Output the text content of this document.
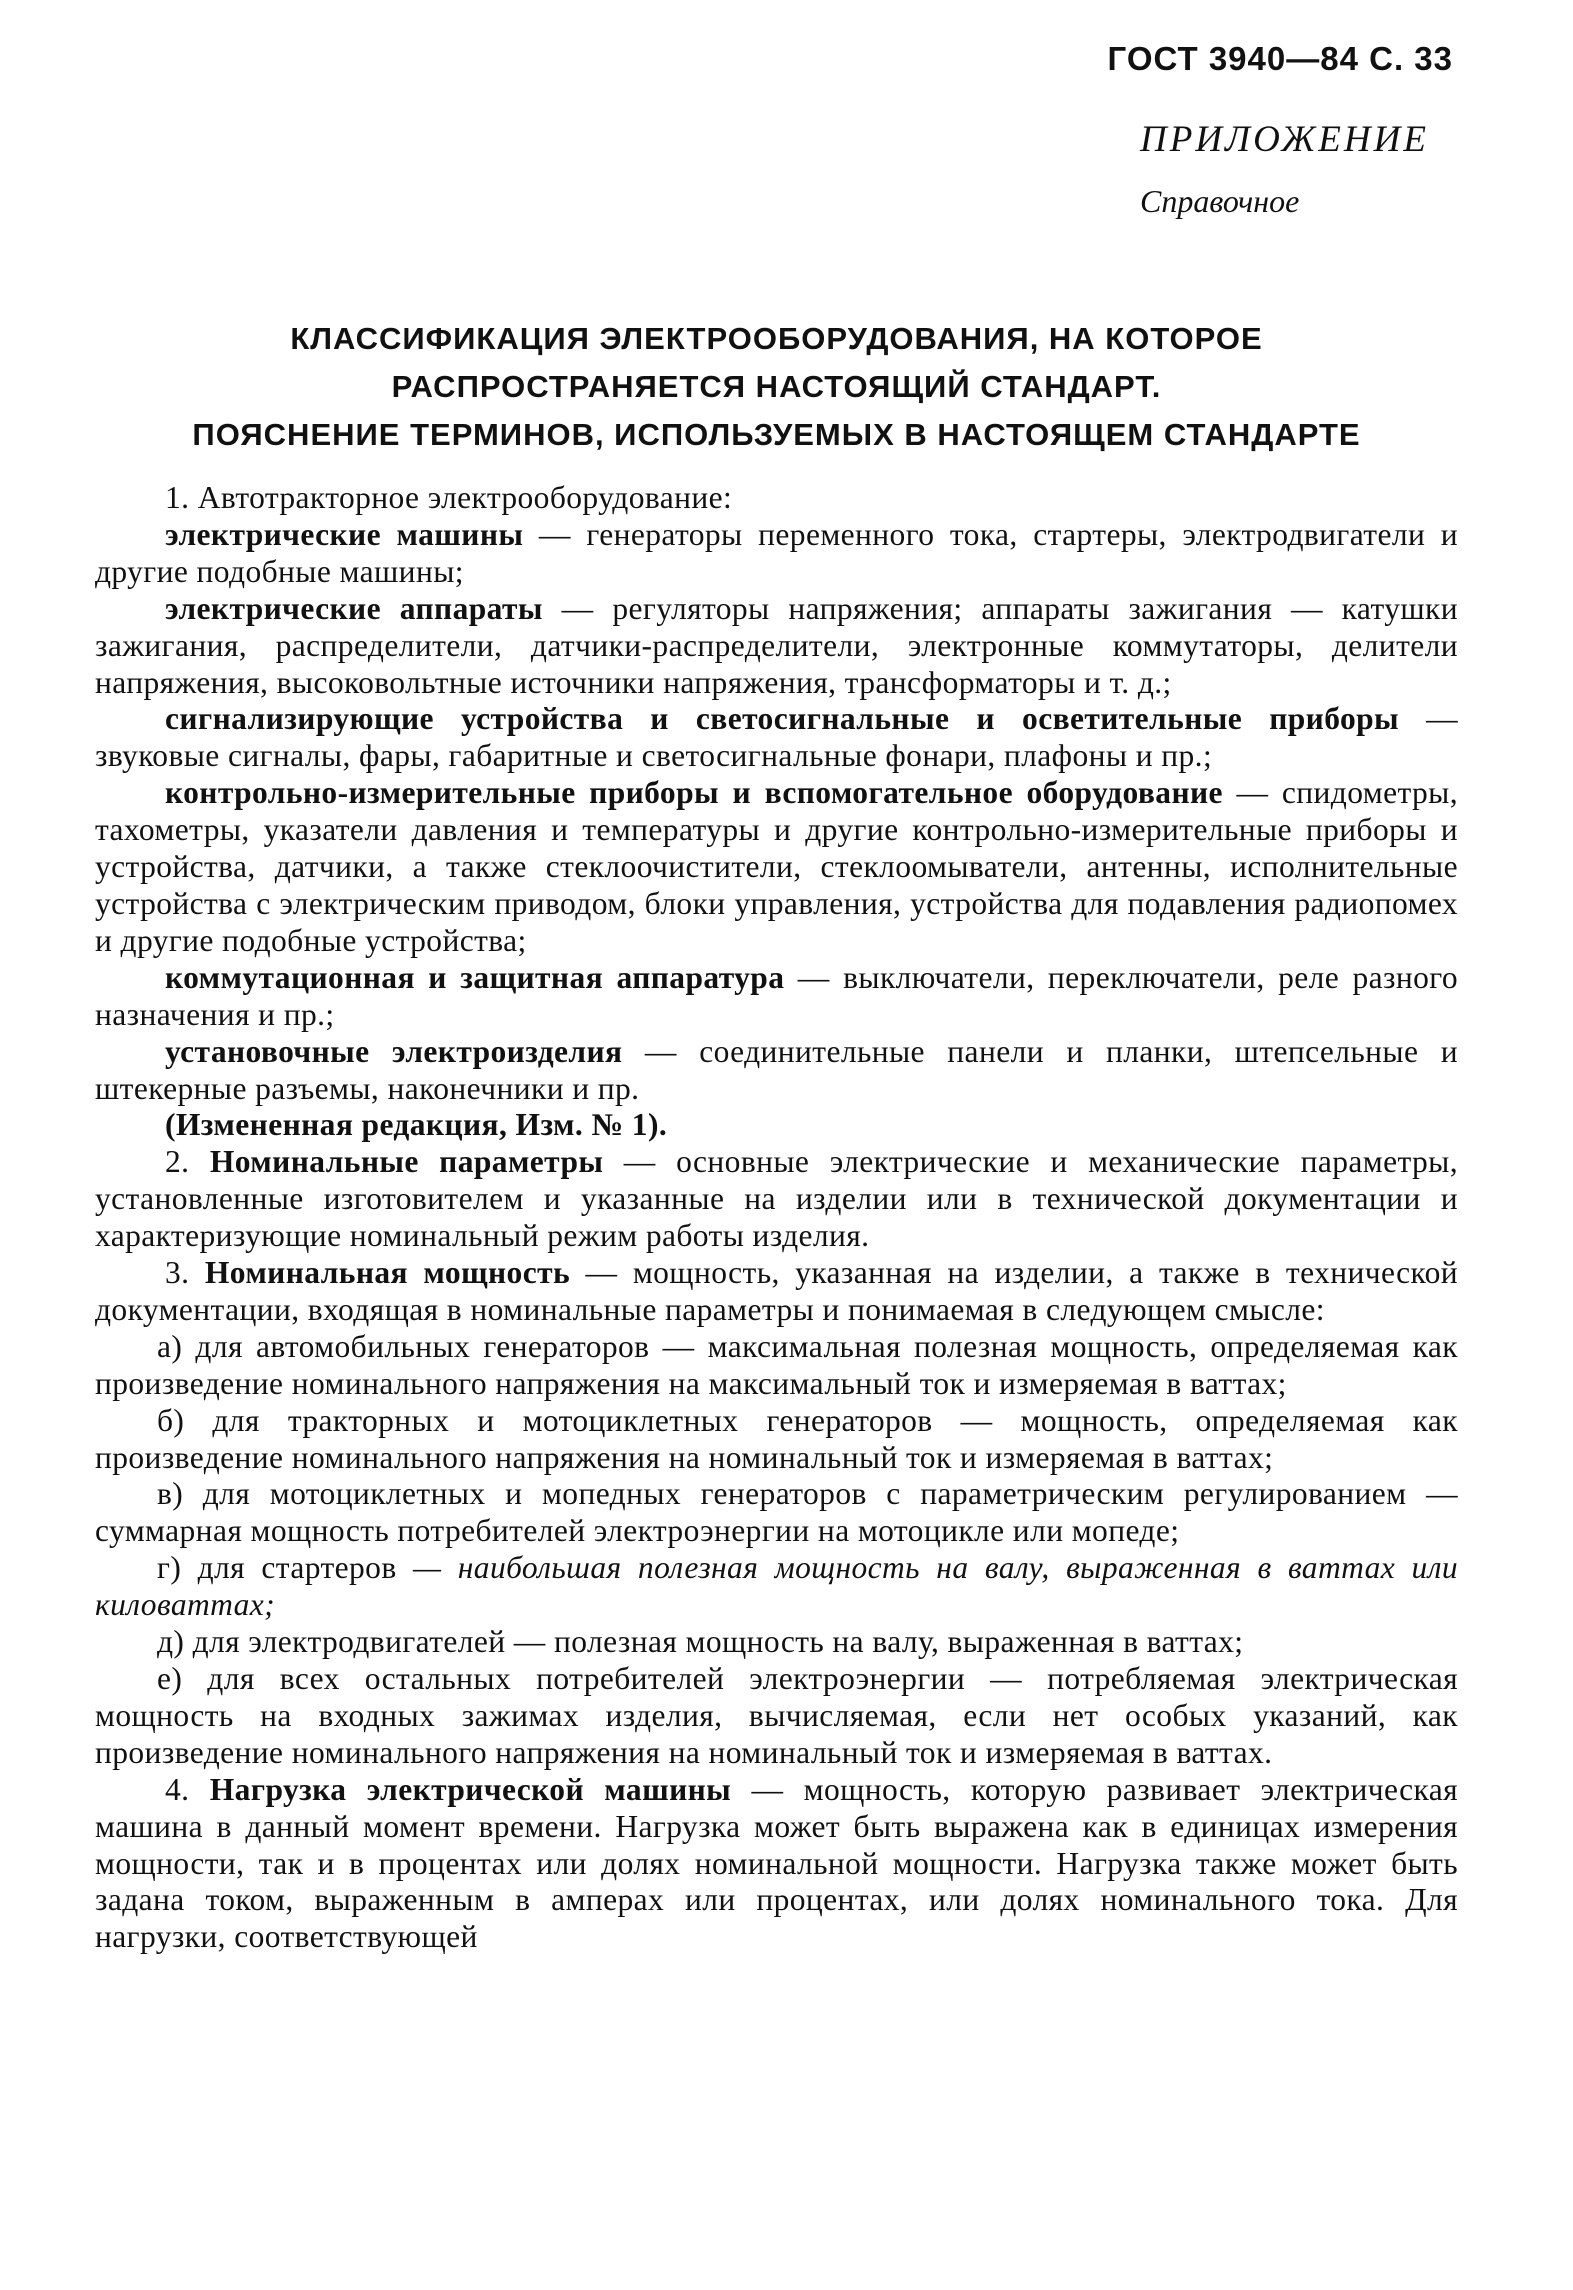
ГОСТ 3940—84 С. 33
ПРИЛОЖЕНИЕ
Справочное
КЛАССИФИКАЦИЯ ЭЛЕКТРООБОРУДОВАНИЯ, НА КОТОРОЕ
РАСПРОСТРАНЯЕТСЯ НАСТОЯЩИЙ СТАНДАРТ.
ПОЯСНЕНИЕ ТЕРМИНОВ, ИСПОЛЬЗУЕМЫХ В НАСТОЯЩЕМ СТАНДАРТЕ

1. Автотракторное электрооборудование:

электрические машины — генераторы переменного тока, стартеры, электродвигатели и другие подобные машины;

электрические аппараты — регуляторы напряжения; аппараты зажигания — катушки зажигания, распределители, датчики-распределители, электронные коммутаторы, делители напряжения, высоковольтные источники напряжения, трансформаторы и т. д.;

сигнализирующие устройства и светосигнальные и осветительные приборы — звуковые сигналы, фары, габаритные и светосигнальные фонари, плафоны и пр.;

контрольно-измерительные приборы и вспомогательное оборудование — спидометры, тахометры, указатели давления и температуры и другие контрольно-измерительные приборы и устройства, датчики, а также стеклоочистители, стеклоомыватели, антенны, исполнительные устройства с электрическим приводом, блоки управления, устройства для подавления радиопомех и другие подобные устройства;

коммутационная и защитная аппаратура — выключатели, переключатели, реле разного назначения и пр.;

установочные электроизделия — соединительные панели и планки, штепсельные и штекерные разъемы, наконечники и пр.

(Измененная редакция, Изм. № 1).

2. Номинальные параметры — основные электрические и механические параметры, установленные изготовителем и указанные на изделии или в технической документации и характеризующие номинальный режим работы изделия.

3. Номинальная мощность — мощность, указанная на изделии, а также в технической документации, входящая в номинальные параметры и понимаемая в следующем смысле:

а) для автомобильных генераторов — максимальная полезная мощность, определяемая как произведение номинального напряжения на максимальный ток и измеряемая в ваттах;

б) для тракторных и мотоциклетных генераторов — мощность, определяемая как произведение номинального напряжения на номинальный ток и измеряемая в ваттах;

в) для мотоциклетных и мопедных генераторов с параметрическим регулированием — суммарная мощность потребителей электроэнергии на мотоцикле или мопеде;

г) для стартеров — наибольшая полезная мощность на валу, выраженная в ваттах или киловаттах;

д) для электродвигателей — полезная мощность на валу, выраженная в ваттах;

е) для всех остальных потребителей электроэнергии — потребляемая электрическая мощность на входных зажимах изделия, вычисляемая, если нет особых указаний, как произведение номинального напряжения на номинальный ток и измеряемая в ваттах.

4. Нагрузка электрической машины — мощность, которую развивает электрическая машина в данный момент времени. Нагрузка может быть выражена как в единицах измерения мощности, так и в процентах или долях номинальной мощности. Нагрузка также может быть задана током, выраженным в амперах или процентах, или долях номинального тока. Для нагрузки, соответствующей
